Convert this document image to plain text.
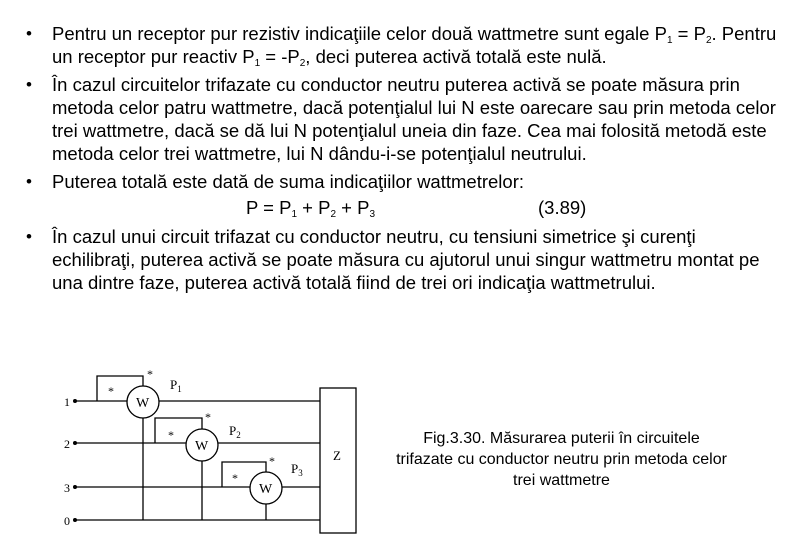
• Pentru un receptor pur rezistiv indicaţiile celor două wattmetre sunt egale $P_1 = P_2$. Pentru un receptor pur reactiv $P_1 = -P_2$, deci puterea activă totală este nulă.
• În cazul circuitelor trifazate cu conductor neutru puterea activă se poate măsura prin metoda celor patru wattmetre, dacă potenţialul lui N este oarecare sau prin metoda celor trei wattmetre, dacă se dă lui N potenţialul uneia din faze. Cea mai folosită metodă este metoda celor trei wattmetre, lui N dându-i-se potenţialul neutrului.
• Puterea totală este dată de suma indicaţiilor wattmetrelor:
$P = P_1 + P_2 + P_3$	(3.89)
• În cazul unui circuit trifazat cu conductor neutru, cu tensiuni simetrice şi curenţi echilibraţi, puterea activă se poate măsura cu ajutorul unui singur wattmetru montat pe una dintre faze, puterea activă totală fiind de trei ori indicaţia wattmetrului.
1
2
3
0
W
W
W
*
*
*
*
*
*
$P_1$
$P_2$
$P_3$
Z
Fig.3.30. Măsurarea puterii în circuitele trifazate cu conductor neutru prin metoda celor trei wattmetre
